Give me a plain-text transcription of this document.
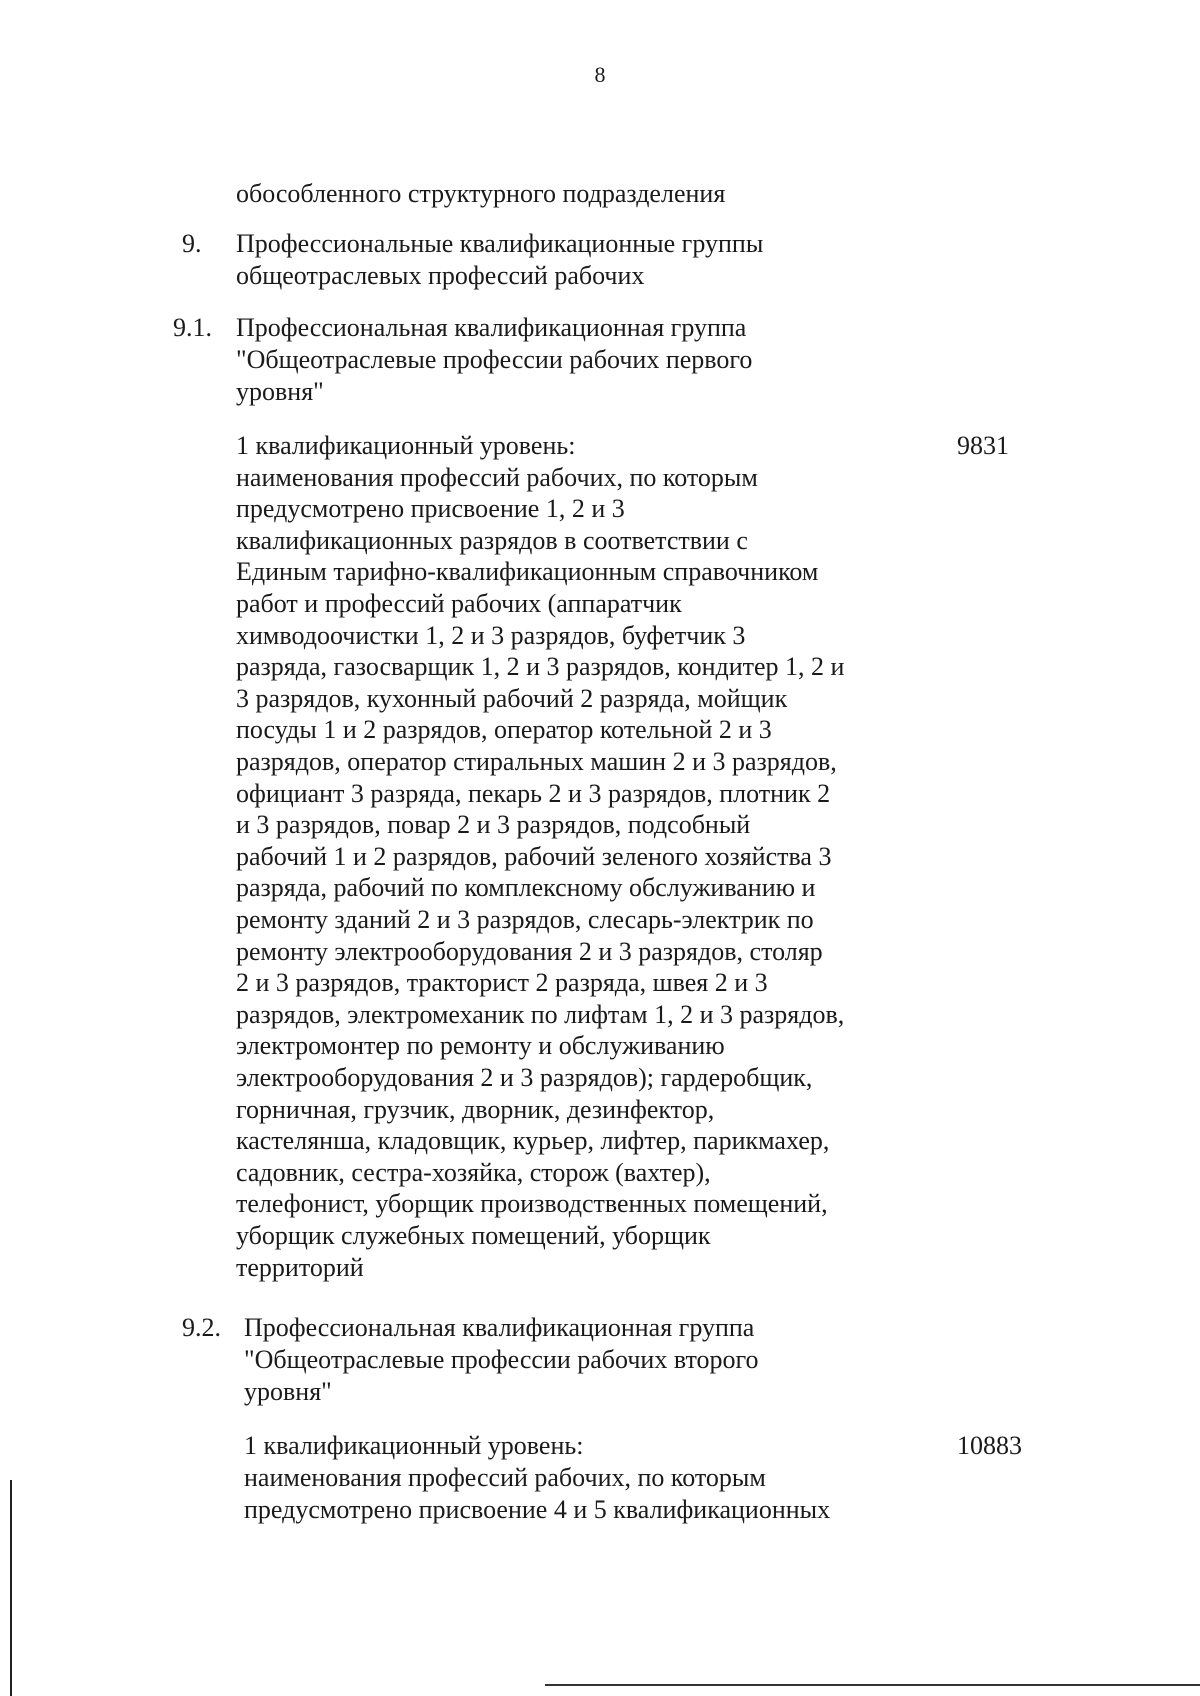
8
обособленного структурного подразделения
9. Профессиональные квалификационные группы
общеотраслевых профессий рабочих
9.1. Профессиональная квалификационная группа
"Общеотраслевые профессии рабочих первого
уровня"
9831
1 квалификационный уровень:
наименования профессий рабочих, по которым
предусмотрено присвоение 1, 2 и 3
квалификационных разрядов в соответствии с
Единым тарифно-квалификационным справочником
работ и профессий рабочих (аппаратчик
химводоочистки 1, 2 и 3 разрядов, буфетчик 3
разряда, газосварщик 1, 2 и 3 разрядов, кондитер 1, 2 и
3 разрядов, кухонный рабочий 2 разряда, мойщик
посуды 1 и 2 разрядов, оператор котельной 2 и 3
разрядов, оператор стиральных машин 2 и 3 разрядов,
официант 3 разряда, пекарь 2 и 3 разрядов, плотник 2
и 3 разрядов, повар 2 и 3 разрядов, подсобный
рабочий 1 и 2 разрядов, рабочий зеленого хозяйства 3
разряда, рабочий по комплексному обслуживанию и
ремонту зданий 2 и 3 разрядов, слесарь-электрик по
ремонту электрооборудования 2 и 3 разрядов, столяр
2 и 3 разрядов, тракторист 2 разряда, швея 2 и 3
разрядов, электромеханик по лифтам 1, 2 и 3 разрядов,
электромонтер по ремонту и обслуживанию
электрооборудования 2 и 3 разрядов); гардеробщик,
горничная, грузчик, дворник, дезинфектор,
кастелянша, кладовщик, курьер, лифтер, парикмахер,
садовник, сестра-хозяйка, сторож (вахтер),
телефонист, уборщик производственных помещений,
уборщик служебных помещений, уборщик
территорий
9.2. Профессиональная квалификационная группа
"Общеотраслевые профессии рабочих второго
уровня"
10883
1 квалификационный уровень:
наименования профессий рабочих, по которым
предусмотрено присвоение 4 и 5 квалификационных
